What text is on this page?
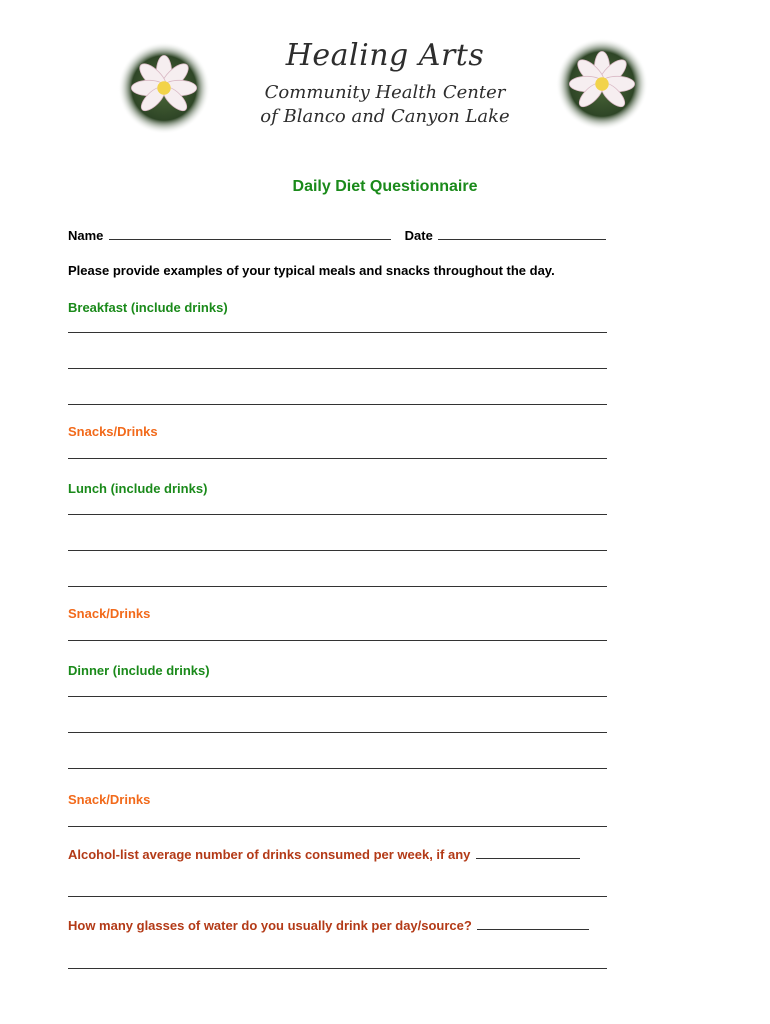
Healing Arts
Community Health Center
of Blanco and Canyon Lake
Daily Diet Questionnaire
Name	Date
Please provide examples of your typical meals and snacks throughout the day.
Breakfast (include drinks)
Snacks/Drinks
Lunch (include drinks)
Snack/Drinks
Dinner (include drinks)
Snack/Drinks
Alcohol-list average number of drinks consumed per week, if any
How many glasses of water do you usually drink per day/source?
